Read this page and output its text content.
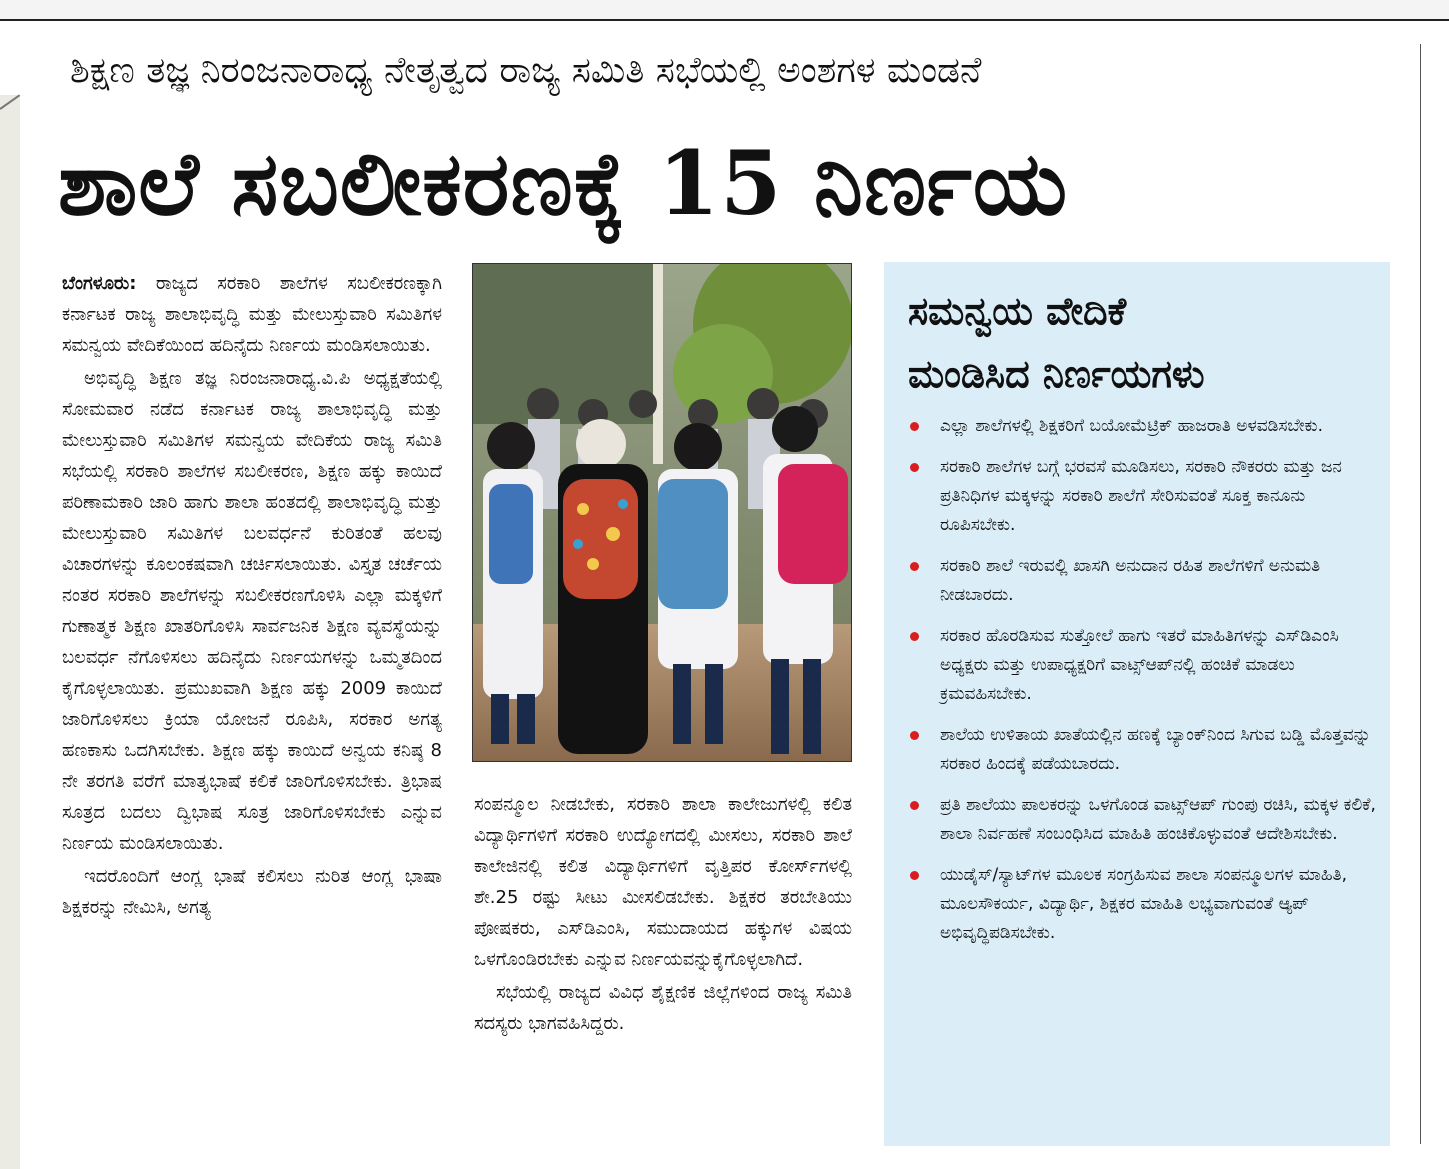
ಶಿಕ್ಷಣ ತಜ್ಞ ನಿರಂಜನಾರಾಧ್ಯ ನೇತೃತ್ವದ ರಾಜ್ಯ ಸಮಿತಿ ಸಭೆಯಲ್ಲಿ ಅಂಶಗಳ ಮಂಡನೆ
ಶಾಲೆ ಸಬಲೀಕರಣಕ್ಕೆ 15 ನಿರ್ಣಯ

ಬೆಂಗಳೂರು: ರಾಜ್ಯದ ಸರಕಾರಿ ಶಾಲೆಗಳ ಸಬಲೀಕರಣಕ್ಕಾಗಿ ಕರ್ನಾಟಕ ರಾಜ್ಯ ಶಾಲಾಭಿವೃದ್ಧಿ ಮತ್ತು ಮೇಲುಸ್ತುವಾರಿ ಸಮಿತಿಗಳ ಸಮನ್ವಯ ವೇದಿಕೆಯಿಂದ ಹದಿನೈದು ನಿರ್ಣಯ ಮಂಡಿಸಲಾಯಿತು.

ಅಭಿವೃದ್ಧಿ ಶಿಕ್ಷಣ ತಜ್ಞ ನಿರಂಜನಾರಾಧ್ಯ.ವಿ.ಪಿ ಅಧ್ಯಕ್ಷತೆಯಲ್ಲಿ ಸೋಮವಾರ ನಡೆದ ಕರ್ನಾಟಕ ರಾಜ್ಯ ಶಾಲಾಭಿವೃದ್ಧಿ ಮತ್ತು ಮೇಲುಸ್ತುವಾರಿ ಸಮಿತಿಗಳ ಸಮನ್ವಯ ವೇದಿಕೆಯ ರಾಜ್ಯ ಸಮಿತಿ ಸಭೆಯಲ್ಲಿ ಸರಕಾರಿ ಶಾಲೆಗಳ ಸಬಲೀಕರಣ, ಶಿಕ್ಷಣ ಹಕ್ಕು ಕಾಯಿದೆ ಪರಿಣಾಮಕಾರಿ ಜಾರಿ ಹಾಗು ಶಾಲಾ ಹಂತದಲ್ಲಿ ಶಾಲಾಭಿವೃದ್ಧಿ ಮತ್ತು ಮೇಲುಸ್ತುವಾರಿ ಸಮಿತಿಗಳ ಬಲವರ್ಧನೆ ಕುರಿತಂತೆ ಹಲವು ವಿಚಾರಗಳನ್ನು ಕೂಲಂಕಷವಾಗಿ ಚರ್ಚಿಸಲಾಯಿತು. ವಿಸ್ತೃತ ಚರ್ಚೆಯ ನಂತರ ಸರಕಾರಿ ಶಾಲೆಗಳನ್ನು ಸಬಲೀಕರಣಗೊಳಿಸಿ ಎಲ್ಲಾ ಮಕ್ಕಳಿಗೆ ಗುಣಾತ್ಮಕ ಶಿಕ್ಷಣ ಖಾತರಿಗೊಳಿಸಿ ಸಾರ್ವಜನಿಕ ಶಿಕ್ಷಣ ವ್ಯವಸ್ಥೆಯನ್ನು ಬಲವರ್ಧ ನೆಗೊಳಿಸಲು ಹದಿನೈದು ನಿರ್ಣಯಗಳನ್ನು ಒಮ್ಮತದಿಂದ ಕೈಗೊಳ್ಳಲಾಯಿತು. ಪ್ರಮುಖವಾಗಿ ಶಿಕ್ಷಣ ಹಕ್ಕು 2009 ಕಾಯಿದೆ ಜಾರಿಗೊಳಿಸಲು ಕ್ರಿಯಾ ಯೋಜನೆ ರೂಪಿಸಿ, ಸರಕಾರ ಅಗತ್ಯ ಹಣಕಾಸು ಒದಗಿಸಬೇಕು. ಶಿಕ್ಷಣ ಹಕ್ಕು ಕಾಯಿದೆ ಅನ್ವಯ ಕನಿಷ್ಠ 8 ನೇ ತರಗತಿ ವರೆಗೆ ಮಾತೃಭಾಷೆ ಕಲಿಕೆ ಜಾರಿಗೊಳಿಸಬೇಕು. ತ್ರಿಭಾಷ ಸೂತ್ರದ ಬದಲು ದ್ವಿಭಾಷ ಸೂತ್ರ ಜಾರಿಗೊಳಿಸಬೇಕು ಎನ್ನುವ ನಿರ್ಣಯ ಮಂಡಿಸಲಾಯಿತು.

ಇದರೊಂದಿಗೆ ಆಂಗ್ಲ ಭಾಷೆ ಕಲಿಸಲು ನುರಿತ ಆಂಗ್ಲ ಭಾಷಾ ಶಿಕ್ಷಕರನ್ನು ನೇಮಿಸಿ, ಅಗತ್ಯ

ಸಂಪನ್ಮೂಲ ನೀಡಬೇಕು, ಸರಕಾರಿ ಶಾಲಾ ಕಾಲೇಜುಗಳಲ್ಲಿ ಕಲಿತ ವಿದ್ಯಾರ್ಥಿಗಳಿಗೆ ಸರಕಾರಿ ಉದ್ಯೋಗದಲ್ಲಿ ಮೀಸಲು, ಸರಕಾರಿ ಶಾಲೆ ಕಾಲೇಜಿನಲ್ಲಿ ಕಲಿತ ವಿದ್ಯಾರ್ಥಿಗಳಿಗೆ ವೃತ್ತಿಪರ ಕೋರ್ಸ್‌ಗಳಲ್ಲಿ ಶೇ.25 ರಷ್ಟು ಸೀಟು ಮೀಸಲಿಡಬೇಕು. ಶಿಕ್ಷಕರ ತರಬೇತಿಯು ಪೋಷಕರು, ಎಸ್‌ಡಿಎಂಸಿ, ಸಮುದಾಯದ ಹಕ್ಕುಗಳ ವಿಷಯ ಒಳಗೊಂಡಿರಬೇಕು ಎನ್ನುವ ನಿರ್ಣಯವನ್ನುಕೈಗೊಳ್ಳಲಾಗಿದೆ.

ಸಭೆಯಲ್ಲಿ ರಾಜ್ಯದ ವಿವಿಧ ಶೈಕ್ಷಣಿಕ ಜಿಲ್ಲೆಗಳಿಂದ ರಾಜ್ಯ ಸಮಿತಿ ಸದಸ್ಯರು ಭಾಗವಹಿಸಿದ್ದರು.

ಸಮನ್ವಯ ವೇದಿಕೆ
ಮಂಡಿಸಿದ ನಿರ್ಣಯಗಳು
ಎಲ್ಲಾ ಶಾಲೆಗಳಲ್ಲಿ ಶಿಕ್ಷಕರಿಗೆ ಬಯೋಮೆಟ್ರಿಕ್ ಹಾಜರಾತಿ ಅಳವಡಿಸಬೇಕು.
ಸರಕಾರಿ ಶಾಲೆಗಳ ಬಗ್ಗೆ ಭರವಸೆ ಮೂಡಿಸಲು, ಸರಕಾರಿ ನೌಕರರು ಮತ್ತು ಜನ ಪ್ರತಿನಿಧಿಗಳ ಮಕ್ಕಳನ್ನು ಸರಕಾರಿ ಶಾಲೆಗೆ ಸೇರಿಸುವಂತೆ ಸೂಕ್ತ ಕಾನೂನು ರೂಪಿಸಬೇಕು.
ಸರಕಾರಿ ಶಾಲೆ ಇರುವಲ್ಲಿ ಖಾಸಗಿ ಅನುದಾನ ರಹಿತ ಶಾಲೆಗಳಿಗೆ ಅನುಮತಿ ನೀಡಬಾರದು.
ಸರಕಾರ ಹೊರಡಿಸುವ ಸುತ್ತೋಲೆ ಹಾಗು ಇತರೆ ಮಾಹಿತಿಗಳನ್ನು ಎಸ್‌ಡಿಎಂಸಿ ಅಧ್ಯಕ್ಷರು ಮತ್ತು ಉಪಾಧ್ಯಕ್ಷರಿಗೆ ವಾಟ್ಸ್‌ಆಪ್‌ನಲ್ಲಿ ಹಂಚಿಕೆ ಮಾಡಲು ಕ್ರಮವಹಿಸಬೇಕು.
ಶಾಲೆಯ ಉಳಿತಾಯ ಖಾತೆಯಲ್ಲಿನ ಹಣಕ್ಕೆ ಬ್ಯಾಂಕ್‌ನಿಂದ ಸಿಗುವ ಬಡ್ಡಿ ಮೊತ್ತವನ್ನು ಸರಕಾರ ಹಿಂದಕ್ಕೆ ಪಡೆಯಬಾರದು.
ಪ್ರತಿ ಶಾಲೆಯು ಪಾಲಕರನ್ನು ಒಳಗೊಂಡ ವಾಟ್ಸ್‌ಆಪ್ ಗುಂಪು ರಚಿಸಿ, ಮಕ್ಕಳ ಕಲಿಕೆ, ಶಾಲಾ ನಿರ್ವಹಣೆ ಸಂಬಂಧಿಸಿದ ಮಾಹಿತಿ ಹಂಚಿಕೊಳ್ಳುವಂತೆ ಆದೇಶಿಸಬೇಕು.
ಯುಡೈಸ್/ಸ್ಯಾಟ್‌ಗಳ ಮೂಲಕ ಸಂಗ್ರಹಿಸುವ ಶಾಲಾ ಸಂಪನ್ಮೂಲಗಳ ಮಾಹಿತಿ, ಮೂಲಸೌಕರ್ಯ, ವಿದ್ಯಾರ್ಥಿ, ಶಿಕ್ಷಕರ ಮಾಹಿತಿ ಲಭ್ಯವಾಗುವಂತೆ ಆ್ಯಪ್ ಅಭಿವೃದ್ಧಿಪಡಿಸಬೇಕು.
